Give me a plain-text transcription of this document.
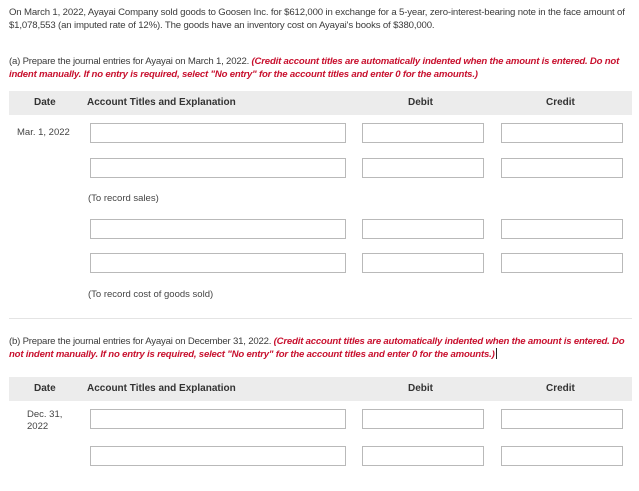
On March 1, 2022, Ayayai Company sold goods to Goosen Inc. for $612,000 in exchange for a 5-year, zero-interest-bearing note in the face amount of $1,078,553 (an imputed rate of 12%). The goods have an inventory cost on Ayayai's books of $380,000.
(a) Prepare the journal entries for Ayayai on March 1, 2022. (Credit account titles are automatically indented when the amount is entered. Do not indent manually. If no entry is required, select "No entry" for the account titles and enter 0 for the amounts.)
Date	Account Titles and Explanation	Debit	Credit
Mar. 1, 2022
(To record sales)
(To record cost of goods sold)
(b) Prepare the journal entries for Ayayai on December 31, 2022. (Credit account titles are automatically indented when the amount is entered. Do not indent manually. If no entry is required, select "No entry" for the account titles and enter 0 for the amounts.)
Date	Account Titles and Explanation	Debit	Credit
Dec. 31,
2022
